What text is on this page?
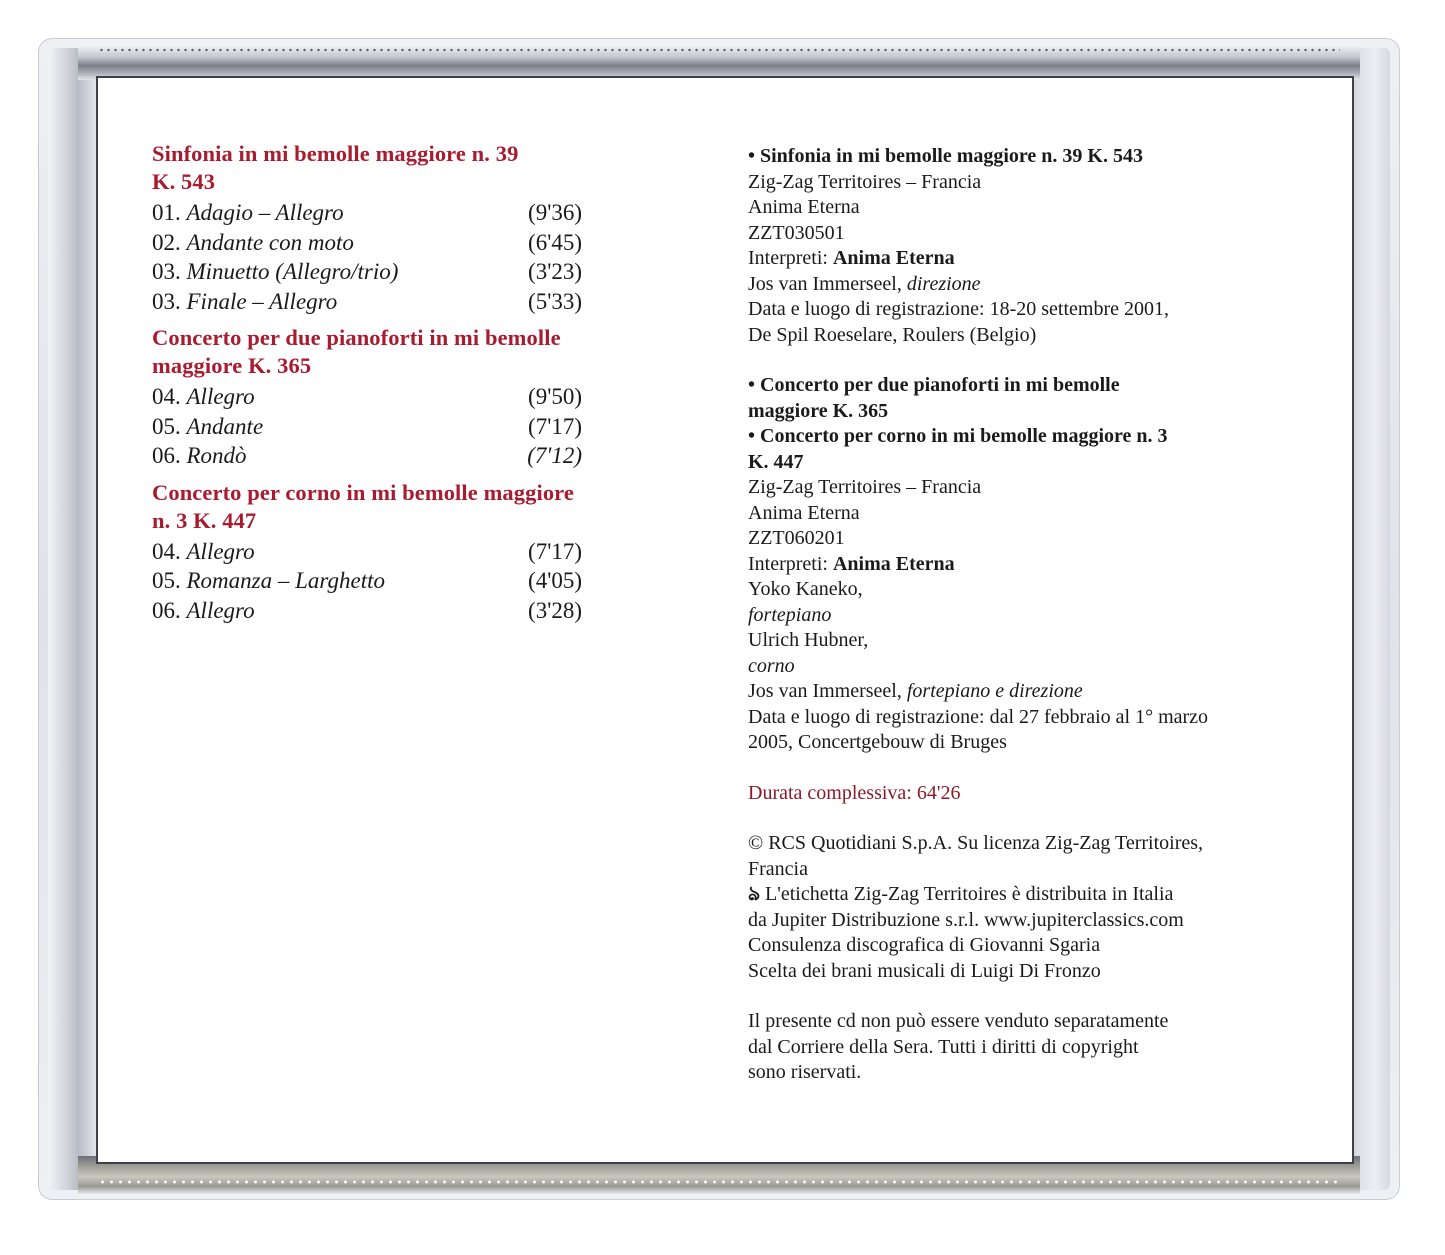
Sinfonia in mi bemolle maggiore n. 39
K. 543

01. Adagio – Allegro	(9'36)
02. Andante con moto	(6'45)
03. Minuetto (Allegro/trio)	(3'23)
03. Finale – Allegro	(5'33)

Concerto per due pianoforti in mi bemolle
maggiore K. 365

04. Allegro	(9'50)
05. Andante	(7'17)
06. Rondò	(7'12)

Concerto per corno in mi bemolle maggiore
n. 3 K. 447

04. Allegro	(7'17)
05. Romanza – Larghetto	(4'05)
06. Allegro	(3'28)

• Sinfonia in mi bemolle maggiore n. 39 K. 543

Zig-Zag Territoires – Francia

Anima Eterna

ZZT030501

Interpreti: Anima Eterna

Jos van Immerseel, direzione

Data e luogo di registrazione: 18-20 settembre 2001,

De Spil Roeselare, Roulers (Belgio)

• Concerto per due pianoforti in mi bemolle

maggiore K. 365

• Concerto per corno in mi bemolle maggiore n. 3

K. 447

Zig-Zag Territoires – Francia

Anima Eterna

ZZT060201

Interpreti: Anima Eterna

Yoko Kaneko,

fortepiano

Ulrich Hubner,

corno

Jos van Immerseel, fortepiano e direzione

Data e luogo di registrazione: dal 27 febbraio al 1° marzo

2005, Concertgebouw di Bruges

Durata complessiva: 64'26

© RCS Quotidiani S.p.A. Su licenza Zig-Zag Territoires,

Francia

ঌ L'etichetta Zig-Zag Territoires è distribuita in Italia

da Jupiter Distribuzione s.r.l. www.jupiterclassics.com

Consulenza discografica di Giovanni Sgaria

Scelta dei brani musicali di Luigi Di Fronzo

Il presente cd non può essere venduto separatamente

dal Corriere della Sera. Tutti i diritti di copyright

sono riservati.
